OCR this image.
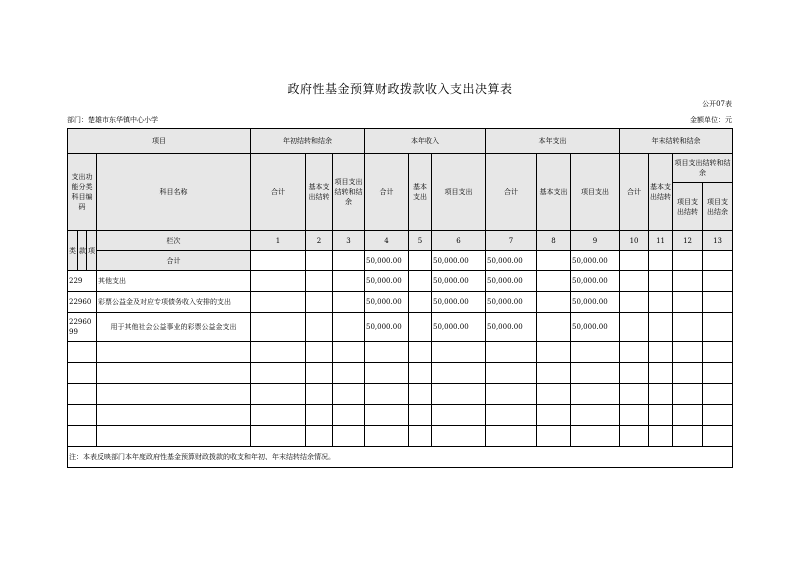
政府性基金预算财政拨款收入支出决算表
公开07表
部门：楚雄市东华镇中心小学	金额单位：元
项目				年初结转和结余			本年收入			本年支出			年末结转和结余			
支出功能分类科目编码			科目名称	合计	基本支出结转	项目支出结转和结余	合计	基本支出	项目支出	合计	基本支出	项目支出	合计	基本支出结转	项目支出结转和结余	
															项目支出结转	项目支出结余
类	款	项	栏次	1	2	3	4	5	6	7	8	9	10	11	12	13
			合计				50,000.00		50,000.00	50,000.00		50,000.00				
229			其他支出				50,000.00		50,000.00	50,000.00		50,000.00				
22960			彩票公益金及对应专项债务收入安排的支出				50,000.00		50,000.00	50,000.00		50,000.00				
2296099			用于其他社会公益事业的彩票公益金支出				50,000.00		50,000.00	50,000.00		50,000.00				

注：本表反映部门本年度政府性基金预算财政拨款的收支和年初、年末结转结余情况。																
